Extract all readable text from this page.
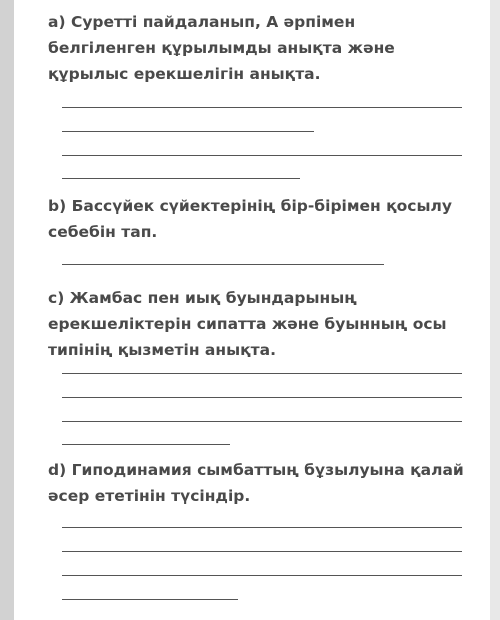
a) Суретті пайдаланып, А әрпімен белгіленген құрылымды анықта және құрылыс ерекшелігін анықта.

b) Бассүйек сүйектерінің бір-бірімен қосылу себебін тап.

c) Жамбас пен иық буындарының ерекшеліктерін сипатта және буынның осы типінің қызметін анықта.

d) Гиподинамия сымбаттың бұзылуына қалай әсер ететінін түсіндір.
